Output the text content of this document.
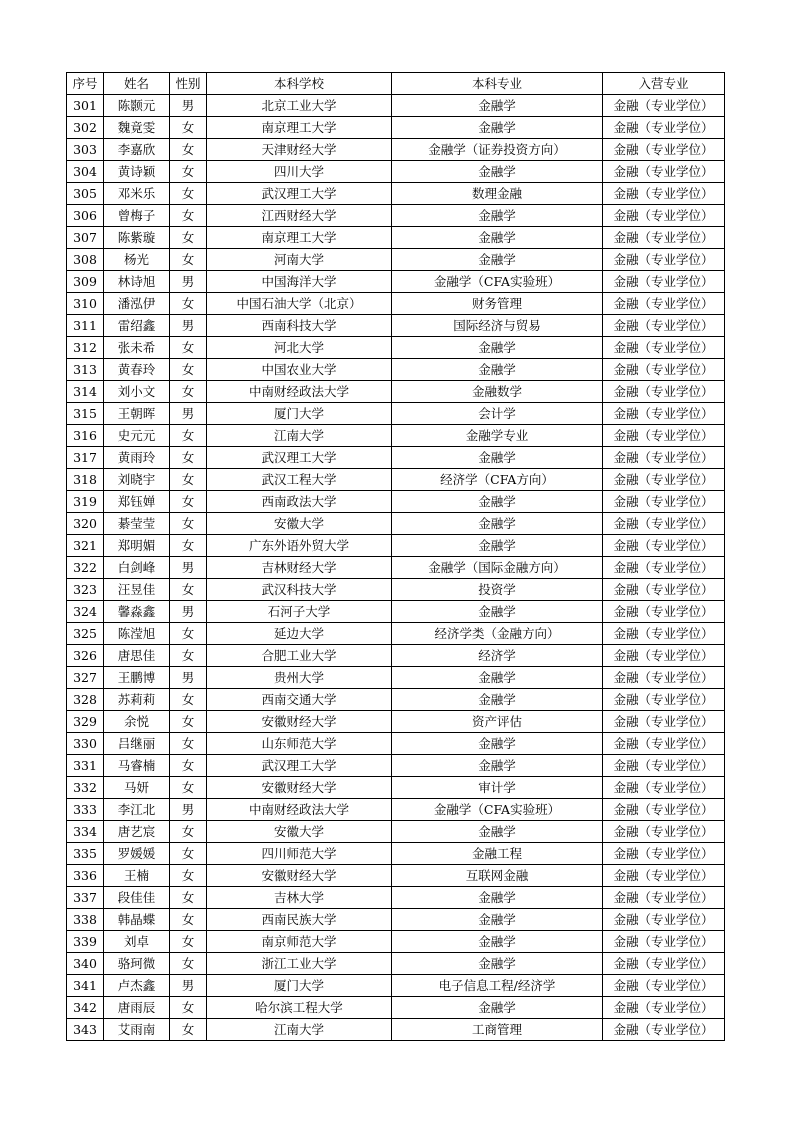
序号	姓名	性别	本科学校	本科专业	入营专业
301	陈颢元	男	北京工业大学	金融学	金融（专业学位）
302	魏竟雯	女	南京理工大学	金融学	金融（专业学位）
303	李嘉欣	女	天津财经大学	金融学（证券投资方向）	金融（专业学位）
304	黄诗颖	女	四川大学	金融学	金融（专业学位）
305	邓米乐	女	武汉理工大学	数理金融	金融（专业学位）
306	曾梅子	女	江西财经大学	金融学	金融（专业学位）
307	陈紫璇	女	南京理工大学	金融学	金融（专业学位）
308	杨光	女	河南大学	金融学	金融（专业学位）
309	林诗旭	男	中国海洋大学	金融学（CFA实验班）	金融（专业学位）
310	潘泓伊	女	中国石油大学（北京）	财务管理	金融（专业学位）
311	雷绍鑫	男	西南科技大学	国际经济与贸易	金融（专业学位）
312	张未希	女	河北大学	金融学	金融（专业学位）
313	黄春玲	女	中国农业大学	金融学	金融（专业学位）
314	刘小文	女	中南财经政法大学	金融数学	金融（专业学位）
315	王朝晖	男	厦门大学	会计学	金融（专业学位）
316	史元元	女	江南大学	金融学专业	金融（专业学位）
317	黄雨玲	女	武汉理工大学	金融学	金融（专业学位）
318	刘晓宇	女	武汉工程大学	经济学（CFA方向）	金融（专业学位）
319	郑钰婵	女	西南政法大学	金融学	金融（专业学位）
320	綦莹莹	女	安徽大学	金融学	金融（专业学位）
321	郑明媚	女	广东外语外贸大学	金融学	金融（专业学位）
322	白剑峰	男	吉林财经大学	金融学（国际金融方向）	金融（专业学位）
323	汪昱佳	女	武汉科技大学	投资学	金融（专业学位）
324	馨淼鑫	男	石河子大学	金融学	金融（专业学位）
325	陈滢旭	女	延边大学	经济学类（金融方向）	金融（专业学位）
326	唐思佳	女	合肥工业大学	经济学	金融（专业学位）
327	王鹏博	男	贵州大学	金融学	金融（专业学位）
328	苏莉莉	女	西南交通大学	金融学	金融（专业学位）
329	余悦	女	安徽财经大学	资产评估	金融（专业学位）
330	吕继丽	女	山东师范大学	金融学	金融（专业学位）
331	马睿楠	女	武汉理工大学	金融学	金融（专业学位）
332	马妍	女	安徽财经大学	审计学	金融（专业学位）
333	李江北	男	中南财经政法大学	金融学（CFA实验班）	金融（专业学位）
334	唐艺宸	女	安徽大学	金融学	金融（专业学位）
335	罗媛媛	女	四川师范大学	金融工程	金融（专业学位）
336	王楠	女	安徽财经大学	互联网金融	金融（专业学位）
337	段佳佳	女	吉林大学	金融学	金融（专业学位）
338	韩晶蝶	女	西南民族大学	金融学	金融（专业学位）
339	刘卓	女	南京师范大学	金融学	金融（专业学位）
340	骆珂微	女	浙江工业大学	金融学	金融（专业学位）
341	卢杰鑫	男	厦门大学	电子信息工程/经济学	金融（专业学位）
342	唐雨辰	女	哈尔滨工程大学	金融学	金融（专业学位）
343	艾雨南	女	江南大学	工商管理	金融（专业学位）
